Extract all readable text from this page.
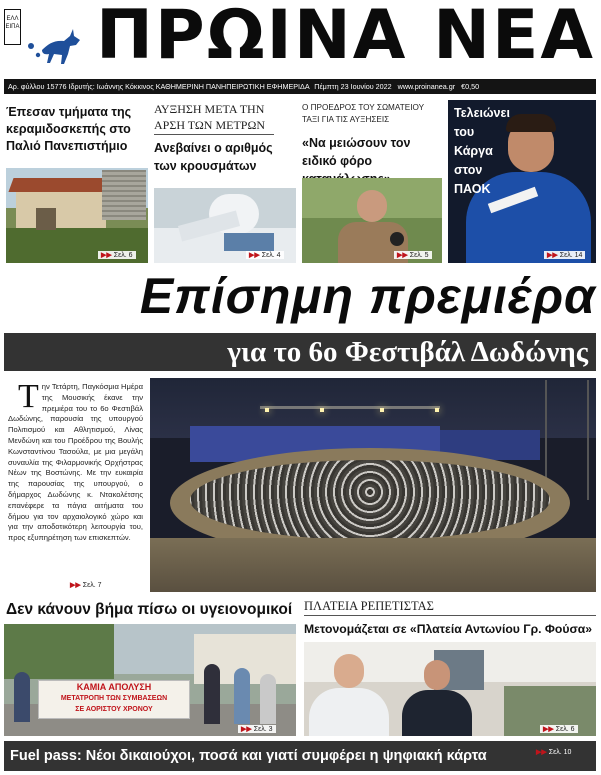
ΕΛΛ
ΕΙΠΑ ΠΡΩΙΝΑ ΝΕΑ
Αρ. φύλλου 15776 Ιδρυτής: Ιωάννης Κόκκινος ΚΑΘΗΜΕΡΙΝΗ ΠΑΝΗΠΕΙΡΩΤΙΚΗ ΕΦΗΜΕΡΙΔΑ Πέμπτη 23 Ιουνίου 2022 www.proinanea.gr €0,50
Έπεσαν τμήματα της κεραμιδοσκεπής στο Παλιό Πανεπιστήμιο
▶▶ Σελ. 6
ΑΥΞΗΣΗ ΜΕΤΑ ΤΗΝ ΑΡΣΗ ΤΩΝ ΜΕΤΡΩΝ
Ανεβαίνει ο αριθμός των κρουσμάτων
▶▶ Σελ. 4
Ο ΠΡΟΕΔΡΟΣ ΤΟΥ ΣΩΜΑΤΕΙΟΥ ΤΑΞΙ ΓΙΑ ΤΙΣ ΑΥΞΗΣΕΙΣ
«Να μειώσουν τον ειδικό φόρο
▶▶ Σελ. 5
Τελειώνει του Κάργα στον ΠΑΟΚ
▶▶ Σελ. 14
Επίσημη πρεμιέρα
για το 6ο Φεστιβάλ Δωδώνης
Τ ην Τετάρτη, Παγκόσμια Ημέρα της Μουσικής έκανε την πρεμιέρα του το 6ο Φεστιβάλ Δωδώνης, παρουσία της υπουργού Πολιτισμού και Αθλητισμού, Λίνας Μενδώνη και του Προέδρου της Βουλής Κωνσταντίνου Τασούλα, με μια μεγάλη συναυλία της Φιλαρμονικής Ορχήστρας Νέων της Βοστώνης. Με την ευκαιρία της παρουσίας της υπουργού, ο δήμαρχος Δωδώνης κ. Ντακολέτσης επανέφερε τα πάγια αιτήματα του δήμου για τον αρχαιολογικό χώρο και για την αποδοτικότερη λειτουργία του, προς εξυπηρέτηση των επισκεπτών.
▶▶ Σελ. 7
Δεν κάνουν βήμα πίσω οι υγειονομικοί
ΚΑΜΙΑ ΑΠΟΛΥΣΗ
ΜΕΤΑΤΡΟΠΗ ΤΩΝ ΣΥΜΒΑΣΕΩΝ
ΣΕ ΑΟΡΙΣΤΟΥ ΧΡΟΝΟΥ
▶▶ Σελ. 3
ΠΛΑΤΕΙΑ ΡΕΠΕΤΙΣΤΑΣ
Μετονομάζεται σε «Πλατεία Αντωνίου Γρ. Φούσα»
▶▶ Σελ. 6
Fuel pass: Νέοι δικαιούχοι, ποσά και γιατί συμφέρει η ψηφιακή κάρτα	▶▶ Σελ. 10
